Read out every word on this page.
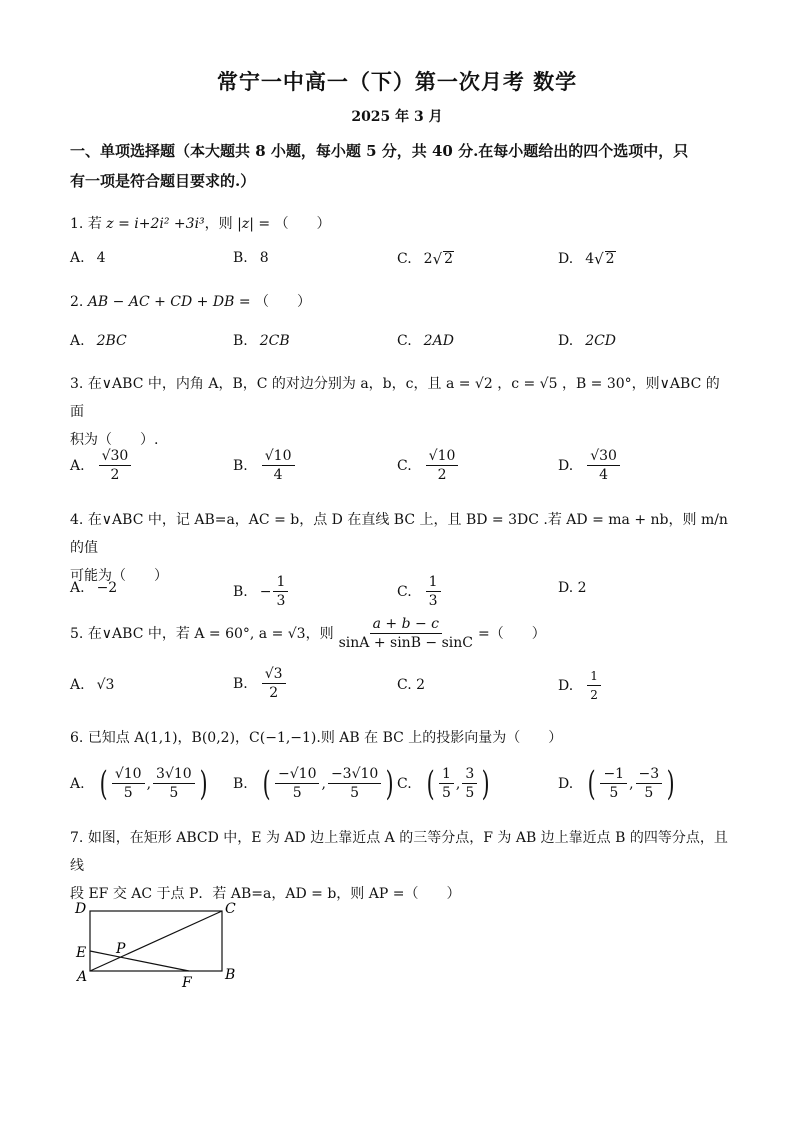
常宁一中高一（下）第一次月考 数学
2025 年 3 月
一、单项选择题（本大题共 8 小题，每小题 5 分，共 40 分.在每小题给出的四个选项中，只
有一项是符合题目要求的.）
1. 若 z = i+2i² +3i³，则 |z| = （　　）
A. 4	B. 8	C. 2 √ 2	D. 4 √ 2
2. AB − AC + CD + DB = （　　）
A. 2BC	B. 2CB	C. 2AD	D. 2CD
3. 在∨ABC 中，内角 A，B，C 的对边分别为 a，b，c，且 a = √2 ，c = √5 ，B = 30°，则∨ABC 的面
积为（　　）.
A. $\frac{√30}{2}$	B. $\frac{√10}{4}$	C. $\frac{√10}{2}$	D. $\frac{√30}{4}$
4. 在∨ABC 中，记 AB=a，AC = b，点 D 在直线 BC 上，且 BD = 3DC .若 AD = ma + nb，则 m/n 的值
可能为（　　）
A. −2	B. − $\frac{1}{3}$	C. $\frac{1}{3}$	D. 2
5.
在∨ABC 中，若 A = 60°, a = √3，则 $\frac{a + b - c}{\sin A + \sin B - \sin C}$ =（　　）
A. √3	B. $\frac{√3}{2}$	C. 2	D. $\frac{1}{2}$
6. 已知点 A(1,1)，B(0,2)，C(−1,−1).则 AB 在 BC 上的投影向量为（　　）
A. ( $\frac{√10}{5}$ , $\frac{3√10}{5}$ ) B. ( $\frac{-√10}{5}$ , $\frac{-3√10}{5}$ ) C. ( $\frac{1}{5}$ , $\frac{3}{5}$ )	D. ( $\frac{-1}{5}$ , $\frac{-3}{5}$ )
7. 如图，在矩形 ABCD 中，E 为 AD 边上靠近点 A 的三等分点，F 为 AB 边上靠近点 B 的四等分点，且线
段 EF 交 AC 于点 P．若 AB=a，AD = b，则 AP =（　　）
D	C
E P
A	F B
